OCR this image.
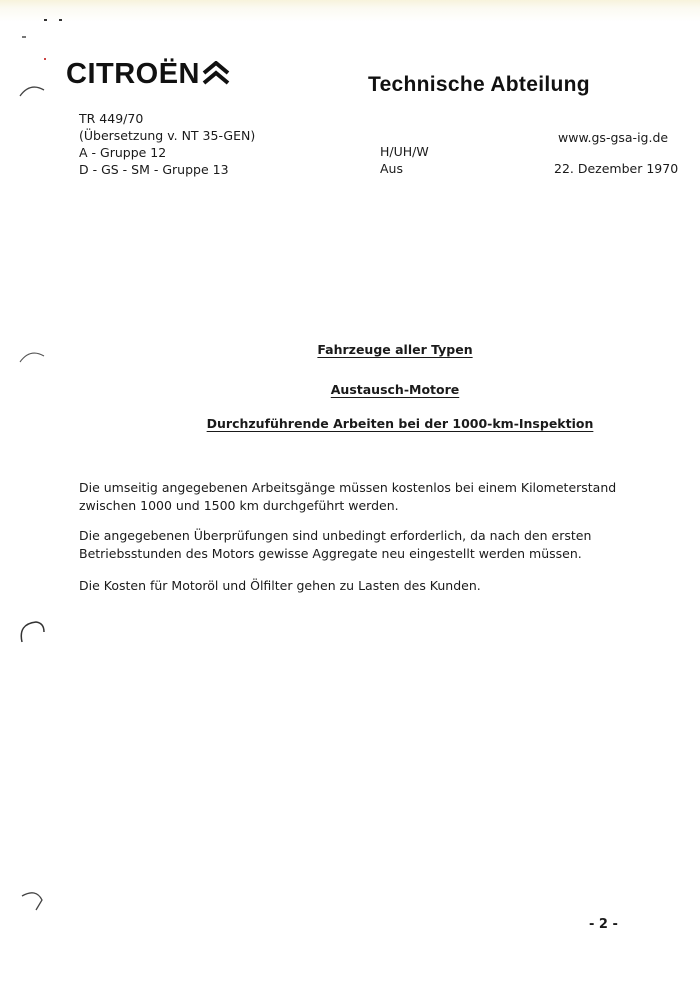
CITROËN	Technische Abteilung
TR 449/70
(Übersetzung v. NT 35-GEN)
A - Gruppe 12
D - GS - SM - Gruppe 13
H/UH/W
Aus
www.gs-gsa-ig.de
22. Dezember 1970
Fahrzeuge aller Typen
Austausch-Motore
Durchzuführende Arbeiten bei der 1000-km-Inspektion
Die umseitig angegebenen Arbeitsgänge müssen kostenlos bei einem Kilometerstand zwischen 1000 und 1500 km durchgeführt werden.
Die angegebenen Überprüfungen sind unbedingt erforderlich, da nach den ersten Betriebsstunden des Motors gewisse Aggregate neu eingestellt werden müssen.
Die Kosten für Motoröl und Ölfilter gehen zu Lasten des Kunden.
- 2 -
